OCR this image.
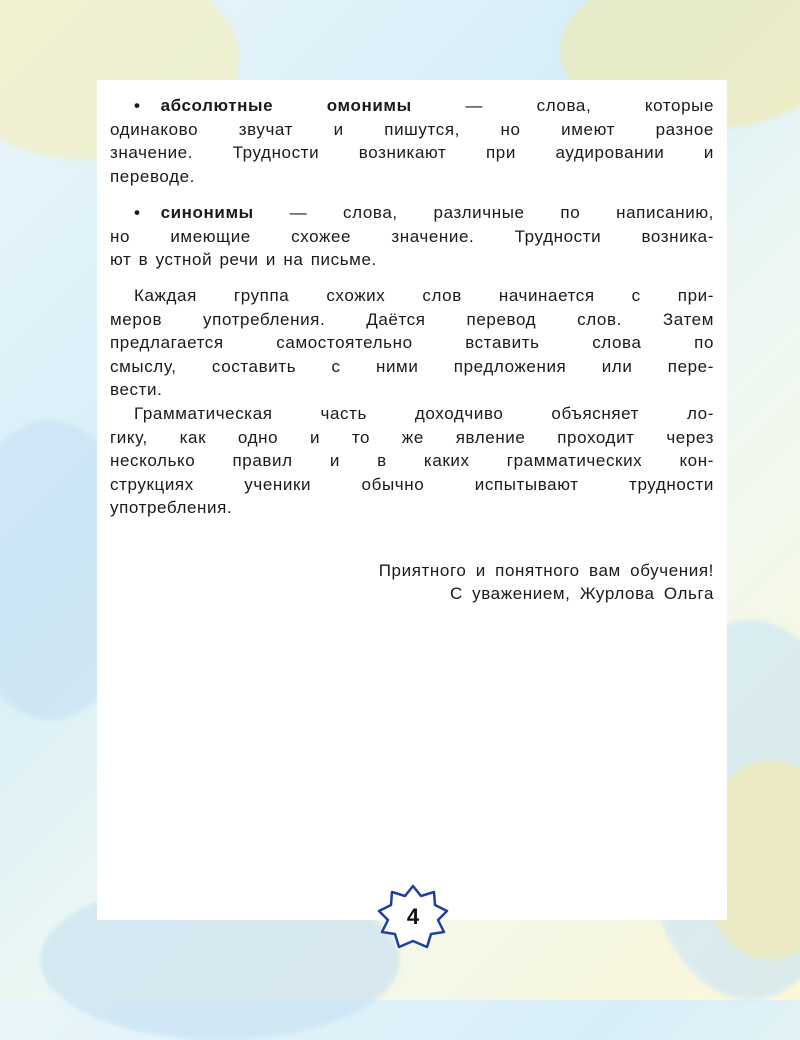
• абсолютные омонимы	— слова, которые
одинаково звучат и пишутся, но имеют разное
значение. Трудности возникают при аудировании и
переводе.
• синонимы — слова, различные по написанию,
но имеющие схожее значение. Трудности возника-
ют в устной речи и на письме.
Каждая группа схожих слов начинается с при-
меров употребления. Даётся перевод слов. Затем
предлагается самостоятельно вставить слова по
смыслу, составить с ними предложения или пере-
вести.
Грамматическая часть доходчиво объясняет ло-
гику, как одно и то же явление проходит через
несколько правил и в каких грамматических кон-
струкциях ученики обычно испытывают трудности
употребления.
Приятного и понятного вам обучения!
С уважением, Журлова Ольга
4
